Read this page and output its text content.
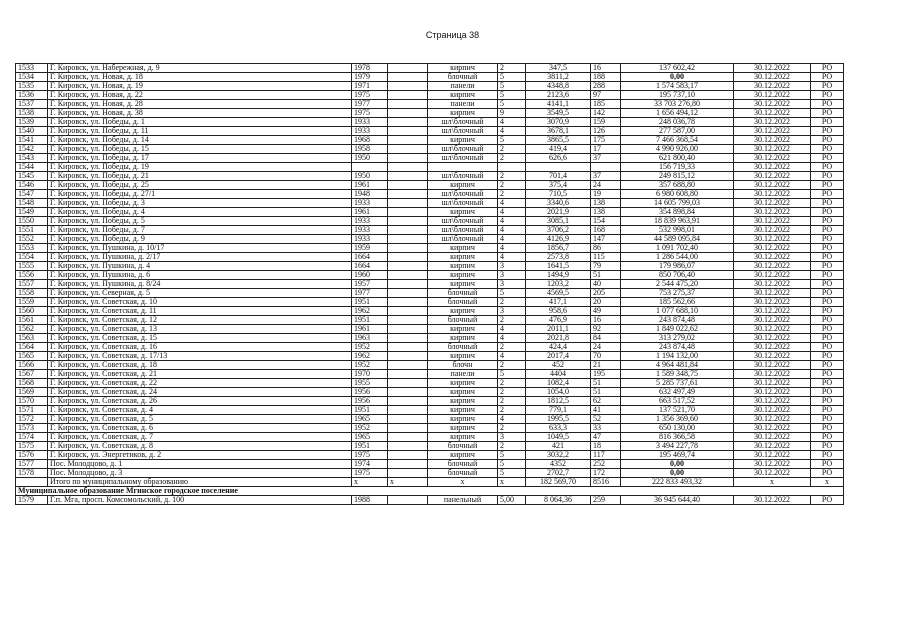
Страница 38
1533	Г. Кировск, ул. Набережная, д. 9	1978		кирпич	2	347,5	16	137 602,42	30.12.2022	РО
1534	Г. Кировск, ул. Новая, д. 18	1979		блочный	5	3811,2	188	0,00	30.12.2022	РО
1535	Г. Кировск, ул. Новая, д. 19	1971		панели	5	4348,8	288	1 574 583,17	30.12.2022	РО
1536	Г. Кировск, ул. Новая, д. 22	1975		кирпич	5	2123,6	97	195 737,10	30.12.2022	РО
1537	Г. Кировск, ул. Новая, д. 28	1977		панели	5	4141,1	185	33 703 276,80	30.12.2022	РО
1538	Г. Кировск, ул. Новая, д. 38	1975		кирпич	9	3549,5	142	1 656 494,12	30.12.2022	РО
1539	Г. Кировск, ул. Победы, д. 1	1933		шл\блочный	4	3070,9	159	248 036,78	30.12.2022	РО
1540	Г. Кировск, ул. Победы, д. 11	1933		шл\блочный	4	3678,1	126	277 587,00	30.12.2022	РО
1541	Г. Кировск, ул. Победы, д. 14	1968		кирпич	5	3865,5	175	7 466 368,54	30.12.2022	РО
1542	Г. Кировск, ул. Победы, д. 15	1958		шл\блочный	2	419,4	17	4 990 926,00	30.12.2022	РО
1543	Г. Кировск, ул. Победы, д. 17	1950		шл\блочный	2	626,6	37	621 800,40	30.12.2022	РО
1544	Г. Кировск, ул. Победы, д. 19							156 719,33	30.12.2022	РО
1545	Г. Кировск, ул. Победы, д. 21	1950		шл\блочный	2	701,4	37	249 815,12	30.12.2022	РО
1546	Г. Кировск, ул. Победы, д. 25	1961		кирпич	2	375,4	24	357 688,80	30.12.2022	РО
1547	Г. Кировск, ул. Победы, д. 27/1	1948		шл\блочный	2	710,5	19	6 980 608,80	30.12.2022	РО
1548	Г. Кировск, ул. Победы, д. 3	1933		шл\блочный	4	3340,6	138	14 605 799,03	30.12.2022	РО
1549	Г. Кировск, ул. Победы, д. 4	1961		кирпич	4	2021,9	138	354 898,84	30.12.2022	РО
1550	Г. Кировск, ул. Победы, д. 5	1933		шл\блочный	4	3085,1	154	18 839 963,91	30.12.2022	РО
1551	Г. Кировск, ул. Победы, д. 7	1933		шл\блочный	4	3706,2	168	532 998,01	30.12.2022	РО
1552	Г. Кировск, ул. Победы, д. 9	1933		шл\блочный	4	4126,9	147	44 589 095,84	30.12.2022	РО
1553	Г. Кировск, ул. Пушкина, д. 10/17	1959		кирпич	4	1856,7	86	1 091 702,40	30.12.2022	РО
1554	Г. Кировск, ул. Пушкина, д. 2/17	1664		кирпич	4	2573,8	115	1 286 544,00	30.12.2022	РО
1555	Г. Кировск, ул. Пушкина, д. 4	1664		кирпич	3	1641,5	79	179 986,07	30.12.2022	РО
1556	Г. Кировск, ул. Пушкина, д. 6	1960		кирпич	3	1494,9	51	850 706,40	30.12.2022	РО
1557	Г. Кировск, ул. Пушкина, д. 8/24	1957		кирпич	3	1203,2	40	2 544 475,20	30.12.2022	РО
1558	Г. Кировск, ул. Северная, д. 5	1977		блочный	5	4569,5	205	753 275,37	30.12.2022	РО
1559	Г. Кировск, ул. Советская, д. 10	1951		блочный	2	417,1	20	185 562,66	30.12.2022	РО
1560	Г. Кировск, ул. Советская, д. 11	1962		кирпич	3	958,6	49	1 077 688,10	30.12.2022	РО
1561	Г. Кировск, ул. Советская, д. 12	1951		блочный	2	476,9	16	243 874,48	30.12.2022	РО
1562	Г. Кировск, ул. Советская, д. 13	1961		кирпич	4	2011,1	92	1 849 022,62	30.12.2022	РО
1563	Г. Кировск, ул. Советская, д. 15	1963		кирпич	4	2021,8	84	313 279,02	30.12.2022	РО
1564	Г. Кировск, ул. Советская, д. 16	1952		блочный	2	424,4	24	243 874,48	30.12.2022	РО
1565	Г. Кировск, ул. Советская, д. 17/13	1962		кирпич	4	2017,4	70	1 194 132,00	30.12.2022	РО
1566	Г. Кировск, ул. Советская, д. 18	1952		блочн	2	452	21	4 964 481,84	30.12.2022	РО
1567	Г. Кировск, ул. Советская, д. 21	1970		панели	5	4404	195	1 589 348,75	30.12.2022	РО
1568	Г. Кировск, ул. Советская, д. 22	1955		кирпич	2	1082,4	51	5 285 737,61	30.12.2022	РО
1569	Г. Кировск, ул. Советская, д. 24	1956		кирпич	2	1054,0	51	632 497,49	30.12.2022	РО
1570	Г. Кировск, ул. Советская, д. 26	1956		кирпич	2	1812,5	62	663 517,52	30.12.2022	РО
1571	Г. Кировск, ул. Советская, д. 4	1951		кирпич	2	779,1	41	137 521,70	30.12.2022	РО
1572	Г. Кировск, ул. Советская, д. 5	1965		кирпич	4	1995,5	52	1 356 369,60	30.12.2022	РО
1573	Г. Кировск, ул. Советская, д. 6	1952		кирпич	2	633,3	33	650 130,00	30.12.2022	РО
1574	Г. Кировск, ул. Советская, д. 7	1965		кирпич	3	1049,5	47	816 366,58	30.12.2022	РО
1575	Г. Кировск, ул. Советская, д. 8	1951		блочный	2	421	18	3 494 227,78	30.12.2022	РО
1576	Г. Кировск, ул. Энергетиков, д. 2	1975		кирпич	5	3032,2	117	195 469,74	30.12.2022	РО
1577	Пос. Молодцово, д. 1	1974		блочный	5	4352	252	0,00	30.12.2022	РО
1578	Пос. Молодцово, д. 3	1975		блочный	5	2702,7	172	0,00	30.12.2022	РО
	Итого по муниципальному образованию	х	х	х	х	182 569,70	8516	222 833 493,32	х	х
Муниципальное образование Мгинское городское поселение										
1579	Г.п. Мга, просп. Комсомольский, д. 100	1988		панельный	5,00	8 064,36	259	36 945 644,40	30.12.2022	РО
